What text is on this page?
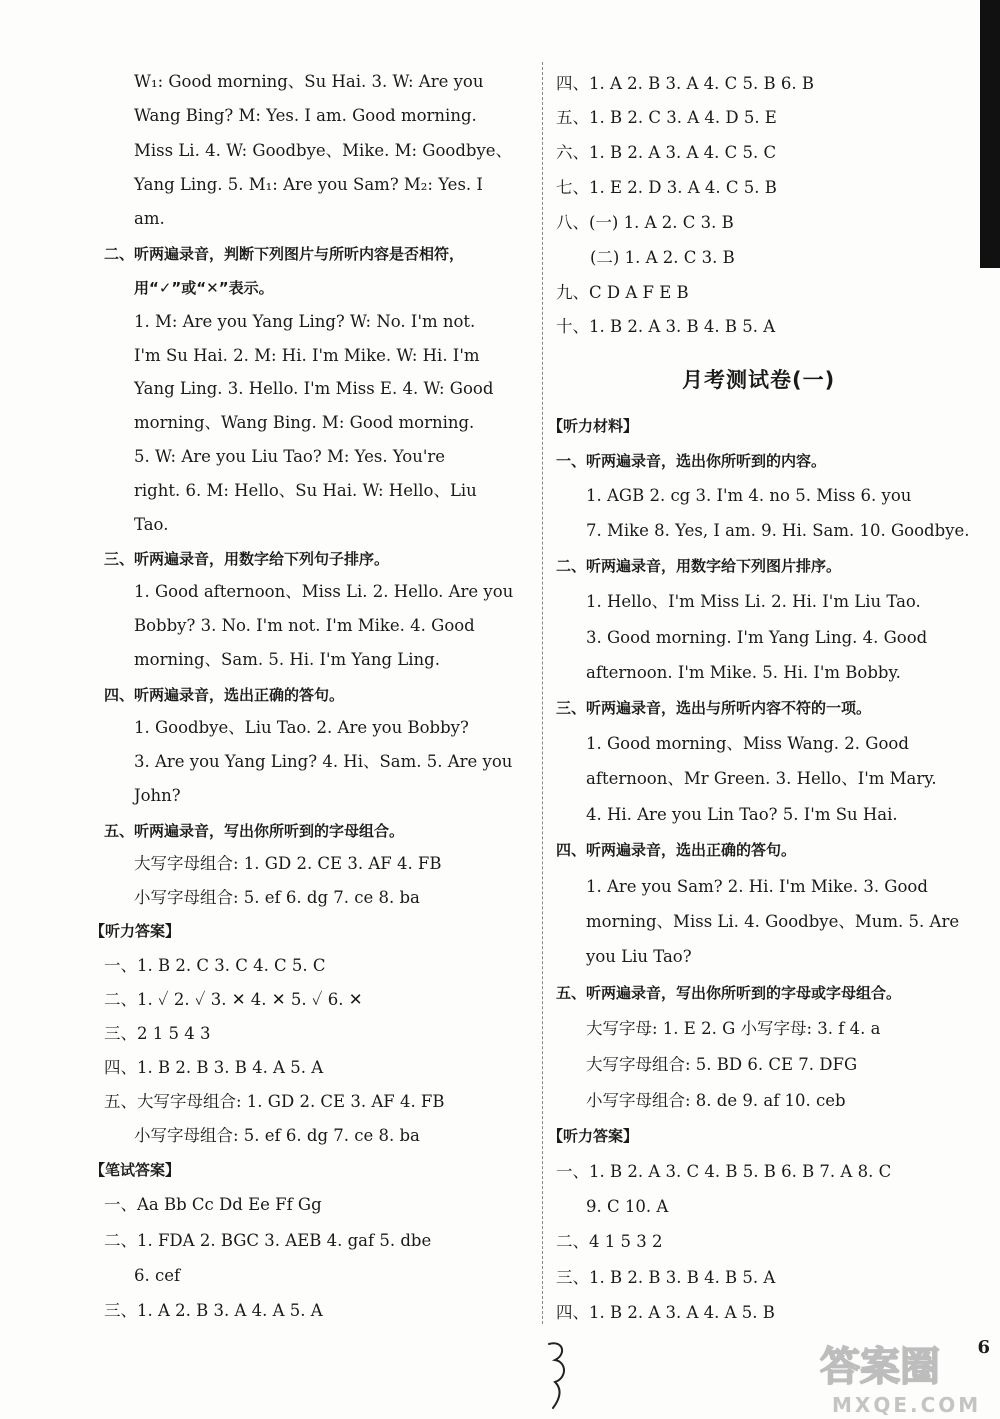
W₁: Good morning、Su Hai. 3. W: Are you
Wang Bing? M: Yes. I am. Good morning.
Miss Li. 4. W: Goodbye、Mike. M: Goodbye、
Yang Ling. 5. M₁: Are you Sam? M₂: Yes. I
am.
二、听两遍录音，判断下列图片与所听内容是否相符，
用“✓”或“✕”表示。
1. M: Are you Yang Ling? W: No. I'm not.
I'm Su Hai. 2. M: Hi. I'm Mike. W: Hi. I'm
Yang Ling. 3. Hello. I'm Miss E. 4. W: Good
morning、Wang Bing. M: Good morning.
5. W: Are you Liu Tao? M: Yes. You're
right. 6. M: Hello、Su Hai. W: Hello、Liu
Tao.
三、听两遍录音，用数字给下列句子排序。
1. Good afternoon、Miss Li. 2. Hello. Are you
Bobby? 3. No. I'm not. I'm Mike. 4. Good
morning、Sam. 5. Hi. I'm Yang Ling.
四、听两遍录音，选出正确的答句。
1. Goodbye、Liu Tao. 2. Are you Bobby?
3. Are you Yang Ling? 4. Hi、Sam. 5. Are you
John?
五、听两遍录音，写出你所听到的字母组合。
大写字母组合: 1. GD 2. CE 3. AF 4. FB
小写字母组合: 5. ef 6. dg 7. ce 8. ba
【听力答案】
一、1. B 2. C 3. C 4. C 5. C
二、1. ✓ 2. ✓ 3. ✕ 4. ✕ 5. ✓ 6. ✕
三、2 1 5 4 3
四、1. B 2. B 3. B 4. A 5. A
五、大写字母组合: 1. GD 2. CE 3. AF 4. FB
小写字母组合: 5. ef 6. dg 7. ce 8. ba
【笔试答案】
一、Aa Bb Cc Dd Ee Ff Gg
二、1. FDA 2. BGC 3. AEB 4. gaf 5. dbe
6. cef
三、1. A 2. B 3. A 4. A 5. A
四、1. A 2. B 3. A 4. C 5. B 6. B
五、1. B 2. C 3. A 4. D 5. E
六、1. B 2. A 3. A 4. C 5. C
七、1. E 2. D 3. A 4. C 5. B
八、(一) 1. A 2. C 3. B
(二) 1. A 2. C 3. B
九、C D A F E B
十、1. B 2. A 3. B 4. B 5. A
【听力材料】
一、听两遍录音，选出你所听到的内容。
1. AGB 2. cg 3. I'm 4. no 5. Miss 6. you
7. Mike 8. Yes, I am. 9. Hi. Sam. 10. Goodbye.
二、听两遍录音，用数字给下列图片排序。
1. Hello、I'm Miss Li. 2. Hi. I'm Liu Tao.
3. Good morning. I'm Yang Ling. 4. Good
afternoon. I'm Mike. 5. Hi. I'm Bobby.
三、听两遍录音，选出与所听内容不符的一项。
1. Good morning、Miss Wang. 2. Good
afternoon、Mr Green. 3. Hello、I'm Mary.
4. Hi. Are you Lin Tao? 5. I'm Su Hai.
四、听两遍录音，选出正确的答句。
1. Are you Sam? 2. Hi. I'm Mike. 3. Good
morning、Miss Li. 4. Goodbye、Mum. 5. Are
you Liu Tao?
五、听两遍录音，写出你所听到的字母或字母组合。
大写字母: 1. E 2. G 小写字母: 3. f 4. a
大写字母组合: 5. BD 6. CE 7. DFG
小写字母组合: 8. de 9. af 10. ceb
【听力答案】
一、1. B 2. A 3. C 4. B 5. B 6. B 7. A 8. C
9. C 10. A
二、4 1 5 3 2
三、1. B 2. B 3. B 4. B 5. A
四、1. B 2. A 3. A 4. A 5. B
月考测试卷(一)
答案圈
MXQE.COM
6
